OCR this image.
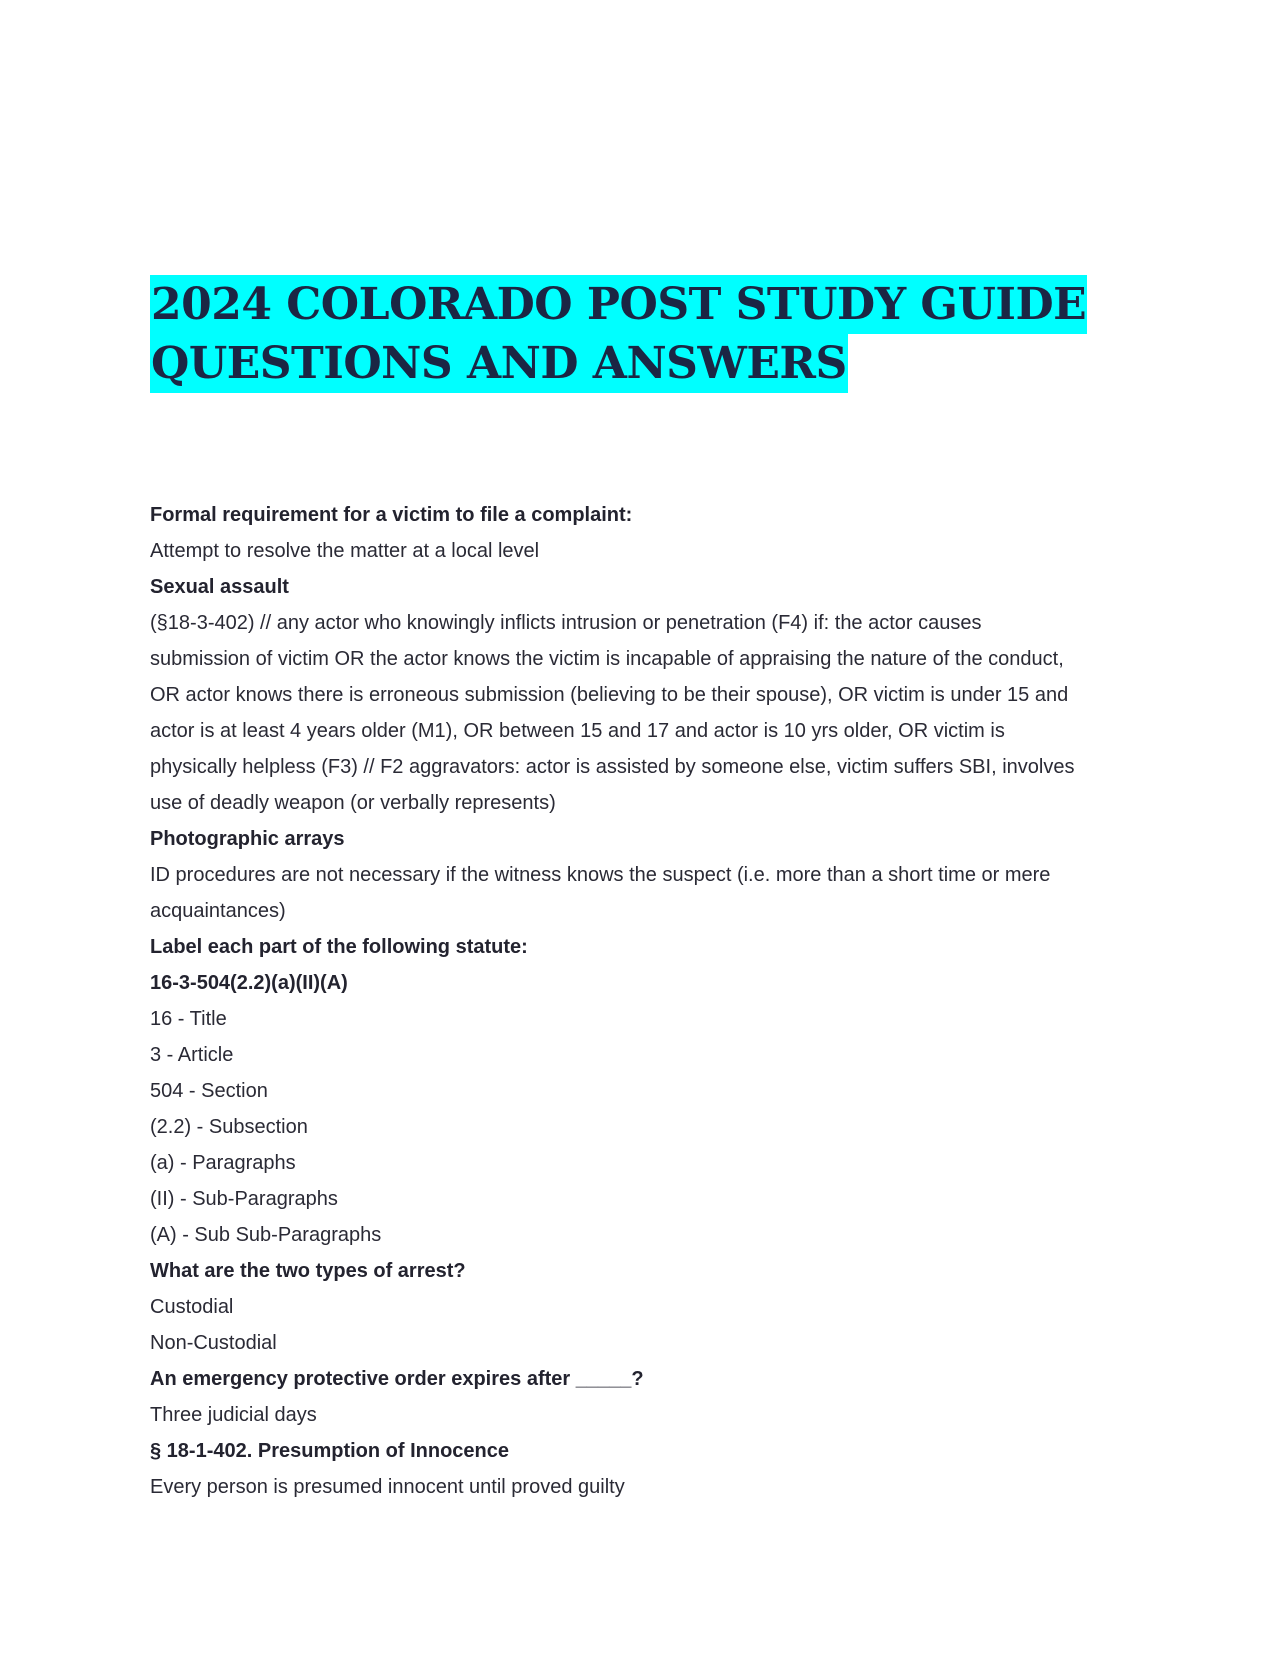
2024 COLORADO POST STUDY GUIDE
QUESTIONS AND ANSWERS

Formal requirement for a victim to file a complaint:

Attempt to resolve the matter at a local level

Sexual assault

(§18-3-402) // any actor who knowingly inflicts intrusion or penetration (F4) if: the actor causes

submission of victim OR the actor knows the victim is incapable of appraising the nature of the conduct,

OR actor knows there is erroneous submission (believing to be their spouse), OR victim is under 15 and

actor is at least 4 years older (M1), OR between 15 and 17 and actor is 10 yrs older, OR victim is

physically helpless (F3) // F2 aggravators: actor is assisted by someone else, victim suffers SBI, involves

use of deadly weapon (or verbally represents)

Photographic arrays

ID procedures are not necessary if the witness knows the suspect (i.e. more than a short time or mere

acquaintances)

Label each part of the following statute:

16-3-504(2.2)(a)(II)(A)

16 - Title

3 - Article

504 - Section

(2.2) - Subsection

(a) - Paragraphs

(II) - Sub-Paragraphs

(A) - Sub Sub-Paragraphs

What are the two types of arrest?

Custodial

Non-Custodial

An emergency protective order expires after _____?

Three judicial days

§ 18-1-402. Presumption of Innocence

Every person is presumed innocent until proved guilty
